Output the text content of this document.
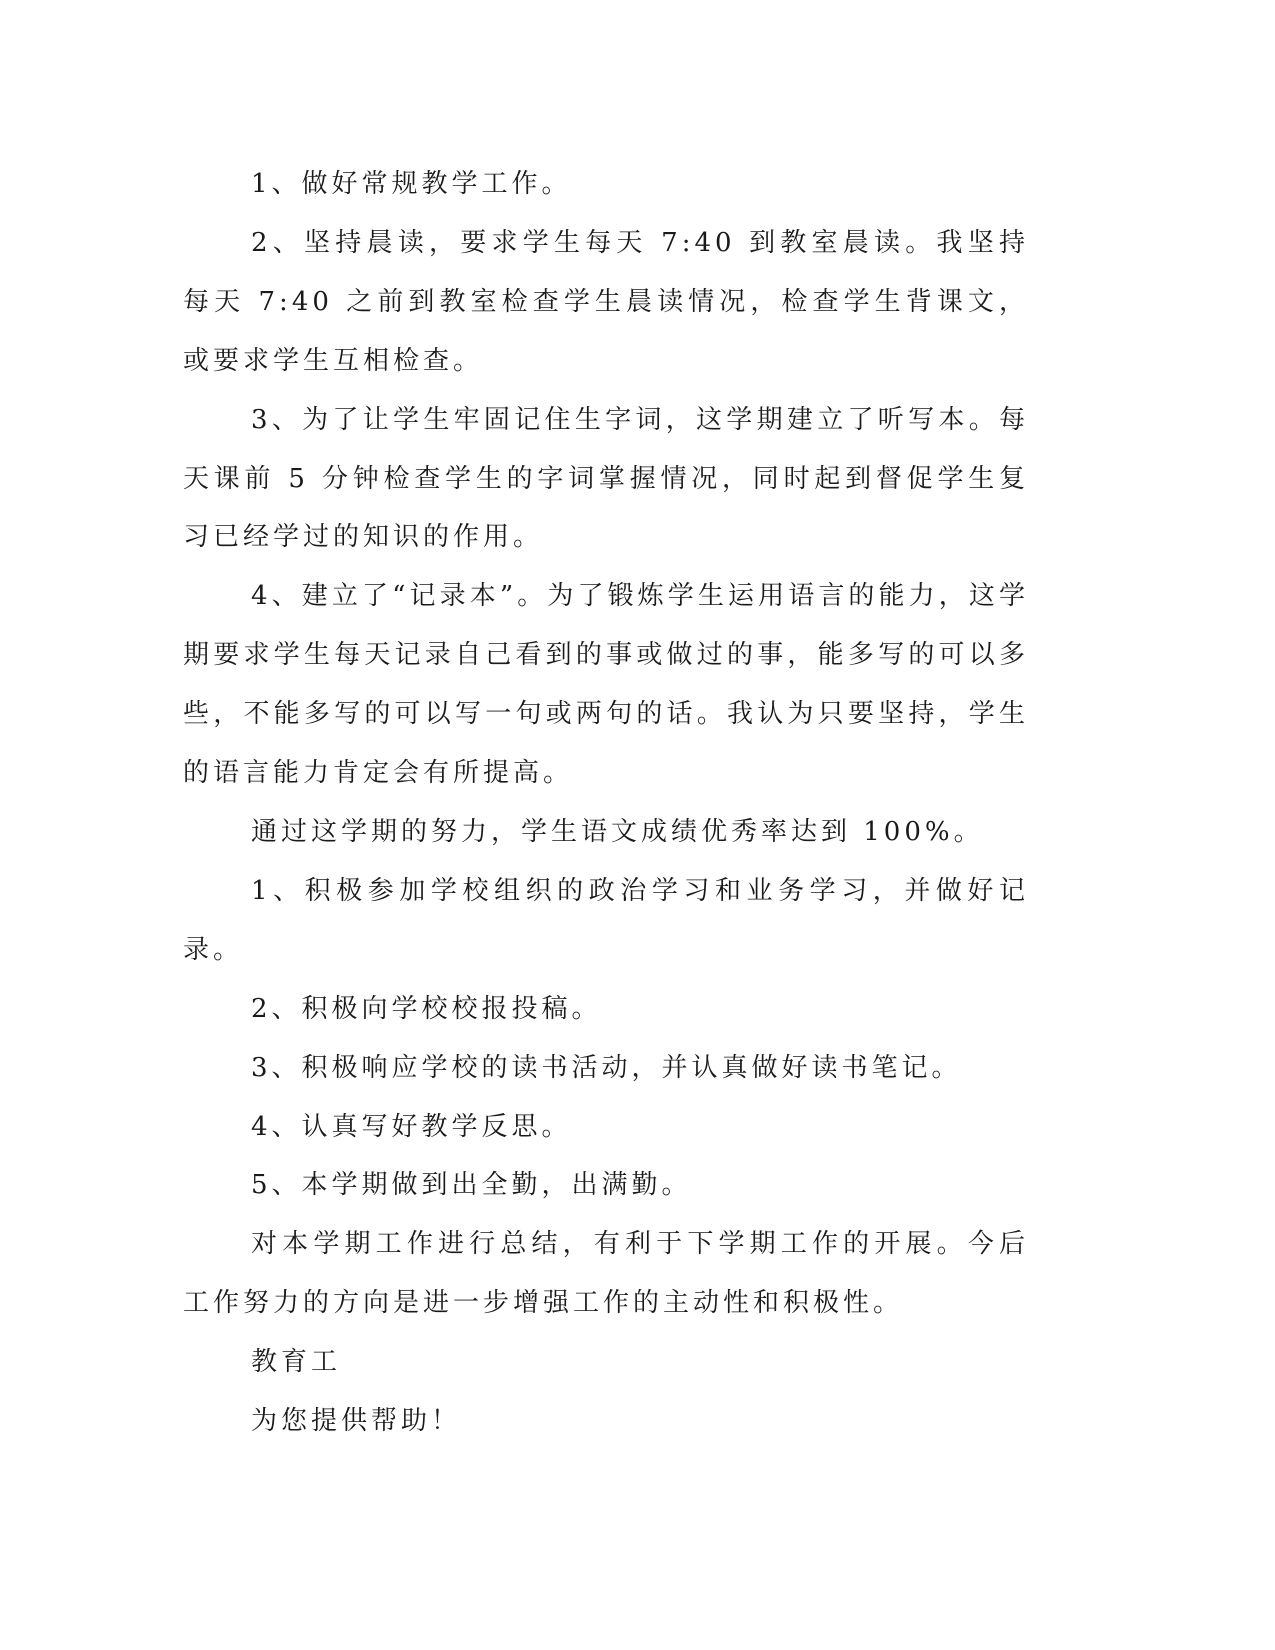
1、做好常规教学工作。

2、坚持晨读，要求学生每天 7:40 到教室晨读。我坚持每天 7:40 之前到教室检查学生晨读情况，检查学生背课文，或要求学生互相检查。

3、为了让学生牢固记住生字词，这学期建立了听写本。每天课前 5 分钟检查学生的字词掌握情况，同时起到督促学生复习已经学过的知识的作用。

4、建立了“记录本”。为了锻炼学生运用语言的能力，这学期要求学生每天记录自己看到的事或做过的事，能多写的可以多些，不能多写的可以写一句或两句的话。我认为只要坚持，学生的语言能力肯定会有所提高。

通过这学期的努力，学生语文成绩优秀率达到 100%。

1、积极参加学校组织的政治学习和业务学习，并做好记录。

2、积极向学校校报投稿。

3、积极响应学校的读书活动，并认真做好读书笔记。

4、认真写好教学反思。

5、本学期做到出全勤，出满勤。

对本学期工作进行总结，有利于下学期工作的开展。今后工作努力的方向是进一步增强工作的主动性和积极性。

教育工

为您提供帮助！
